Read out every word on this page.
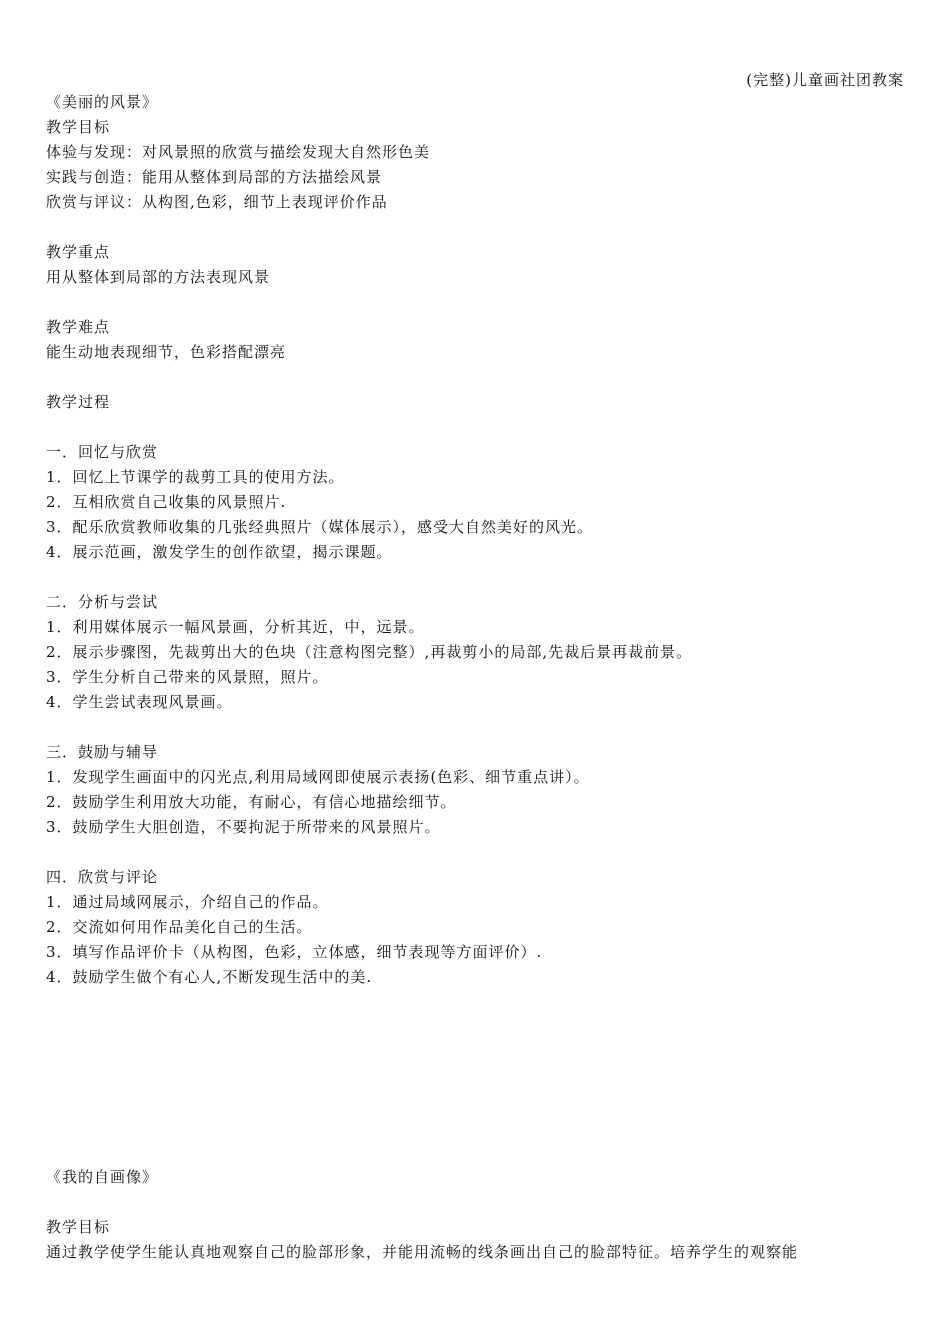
(完整)儿童画社团教案
《美丽的风景》
教学目标
体验与发现：对风景照的欣赏与描绘发现大自然形色美
实践与创造：能用从整体到局部的方法描绘风景
欣赏与评议：从构图,色彩，细节上表现评价作品
教学重点
用从整体到局部的方法表现风景
教学难点
能生动地表现细节，色彩搭配漂亮
教学过程
一．回忆与欣赏
1．回忆上节课学的裁剪工具的使用方法。
2．互相欣赏自己收集的风景照片.
3．配乐欣赏教师收集的几张经典照片（媒体展示），感受大自然美好的风光。
4．展示范画，激发学生的创作欲望，揭示课题。
二．分析与尝试
1．利用媒体展示一幅风景画，分析其近，中，远景。
2．展示步骤图，先裁剪出大的色块（注意构图完整）,再裁剪小的局部,先裁后景再裁前景。
3．学生分析自己带来的风景照，照片。
4．学生尝试表现风景画。
三．鼓励与辅导
1．发现学生画面中的闪光点,利用局域网即使展示表扬(色彩、细节重点讲）。
2．鼓励学生利用放大功能，有耐心，有信心地描绘细节。
3．鼓励学生大胆创造，不要拘泥于所带来的风景照片。
四．欣赏与评论
1．通过局域网展示，介绍自己的作品。
2．交流如何用作品美化自己的生活。
3．填写作品评价卡（从构图，色彩，立体感，细节表现等方面评价）.
4．鼓励学生做个有心人,不断发现生活中的美.
《我的自画像》
教学目标
通过教学使学生能认真地观察自己的脸部形象，并能用流畅的线条画出自己的脸部特征。培养学生的观察能
